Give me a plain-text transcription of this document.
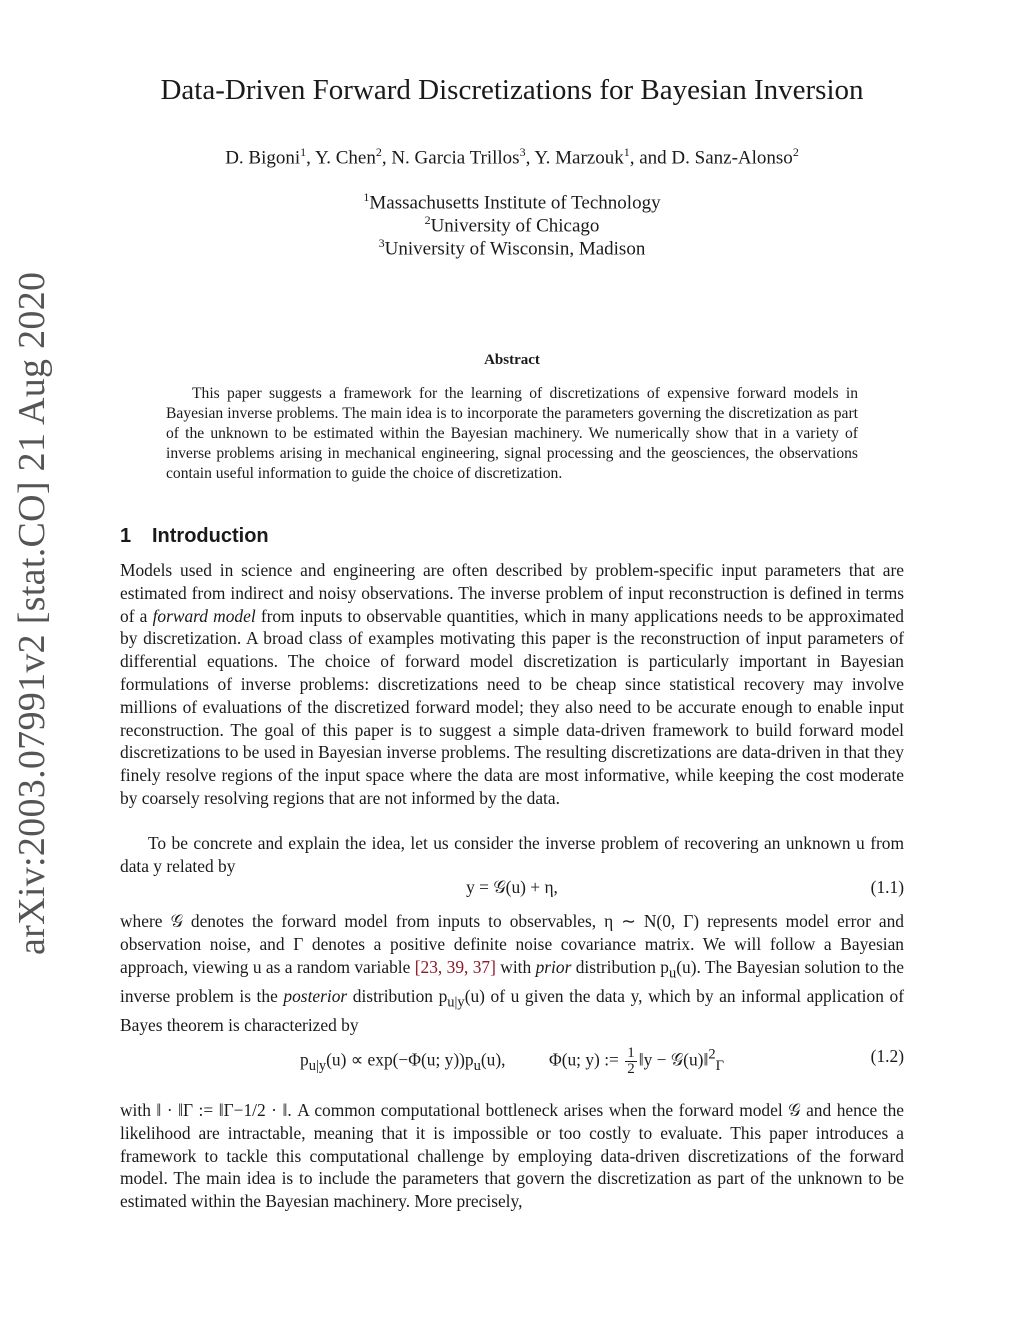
arXiv:2003.07991v2 [stat.CO] 21 Aug 2020
Data-Driven Forward Discretizations for Bayesian Inversion
D. Bigoni$^1$, Y. Chen$^2$, N. Garcia Trillos$^3$, Y. Marzouk$^1$, and D. Sanz-Alonso$^2$
$^1$Massachusetts Institute of Technology
$^2$University of Chicago
$^3$University of Wisconsin, Madison
Abstract
This paper suggests a framework for the learning of discretizations of expensive forward models in Bayesian inverse problems. The main idea is to incorporate the parameters governing the discretization as part of the unknown to be estimated within the Bayesian machinery. We numerically show that in a variety of inverse problems arising in mechanical engineering, signal processing and the geosciences, the observations contain useful information to guide the choice of discretization.
1 Introduction
Models used in science and engineering are often described by problem-specific input parameters that are estimated from indirect and noisy observations. The inverse problem of input reconstruction is defined in terms of a forward model from inputs to observable quantities, which in many applications needs to be approximated by discretization. A broad class of examples motivating this paper is the reconstruction of input parameters of differential equations. The choice of forward model discretization is particularly important in Bayesian formulations of inverse problems: discretizations need to be cheap since statistical recovery may involve millions of evaluations of the discretized forward model; they also need to be accurate enough to enable input reconstruction. The goal of this paper is to suggest a simple data-driven framework to build forward model discretizations to be used in Bayesian inverse problems. The resulting discretizations are data-driven in that they finely resolve regions of the input space where the data are most informative, while keeping the cost moderate by coarsely resolving regions that are not informed by the data.
To be concrete and explain the idea, let us consider the inverse problem of recovering an unknown u from data y related by
y = 𝒢(u) + η,	(1.1)
where 𝒢 denotes the forward model from inputs to observables, η ∼ N(0, Γ) represents model error and observation noise, and Γ denotes a positive definite noise covariance matrix. We will follow a Bayesian approach, viewing u as a random variable [23, 39, 37] with prior distribution $p_u(u)$. The Bayesian solution to the inverse problem is the posterior distribution $p_{u|y}(u)$ of u given the data y, which by an informal application of Bayes theorem is characterized by
$p_{u|y}(u) \propto \exp(-\Phi(u$; $y))p_u(u)$, Φ(u; y) := $\frac{1}{2}$ ‖y − 𝒢(u)‖$^2_\Gamma$	(1.2)
with ‖ · ‖Γ := ‖Γ−1/2 · ‖. A common computational bottleneck arises when the forward model 𝒢 and hence the likelihood are intractable, meaning that it is impossible or too costly to evaluate. This paper introduces a framework to tackle this computational challenge by employing data-driven discretizations of the forward model. The main idea is to include the parameters that govern the discretization as part of the unknown to be estimated within the Bayesian machinery. More precisely,
